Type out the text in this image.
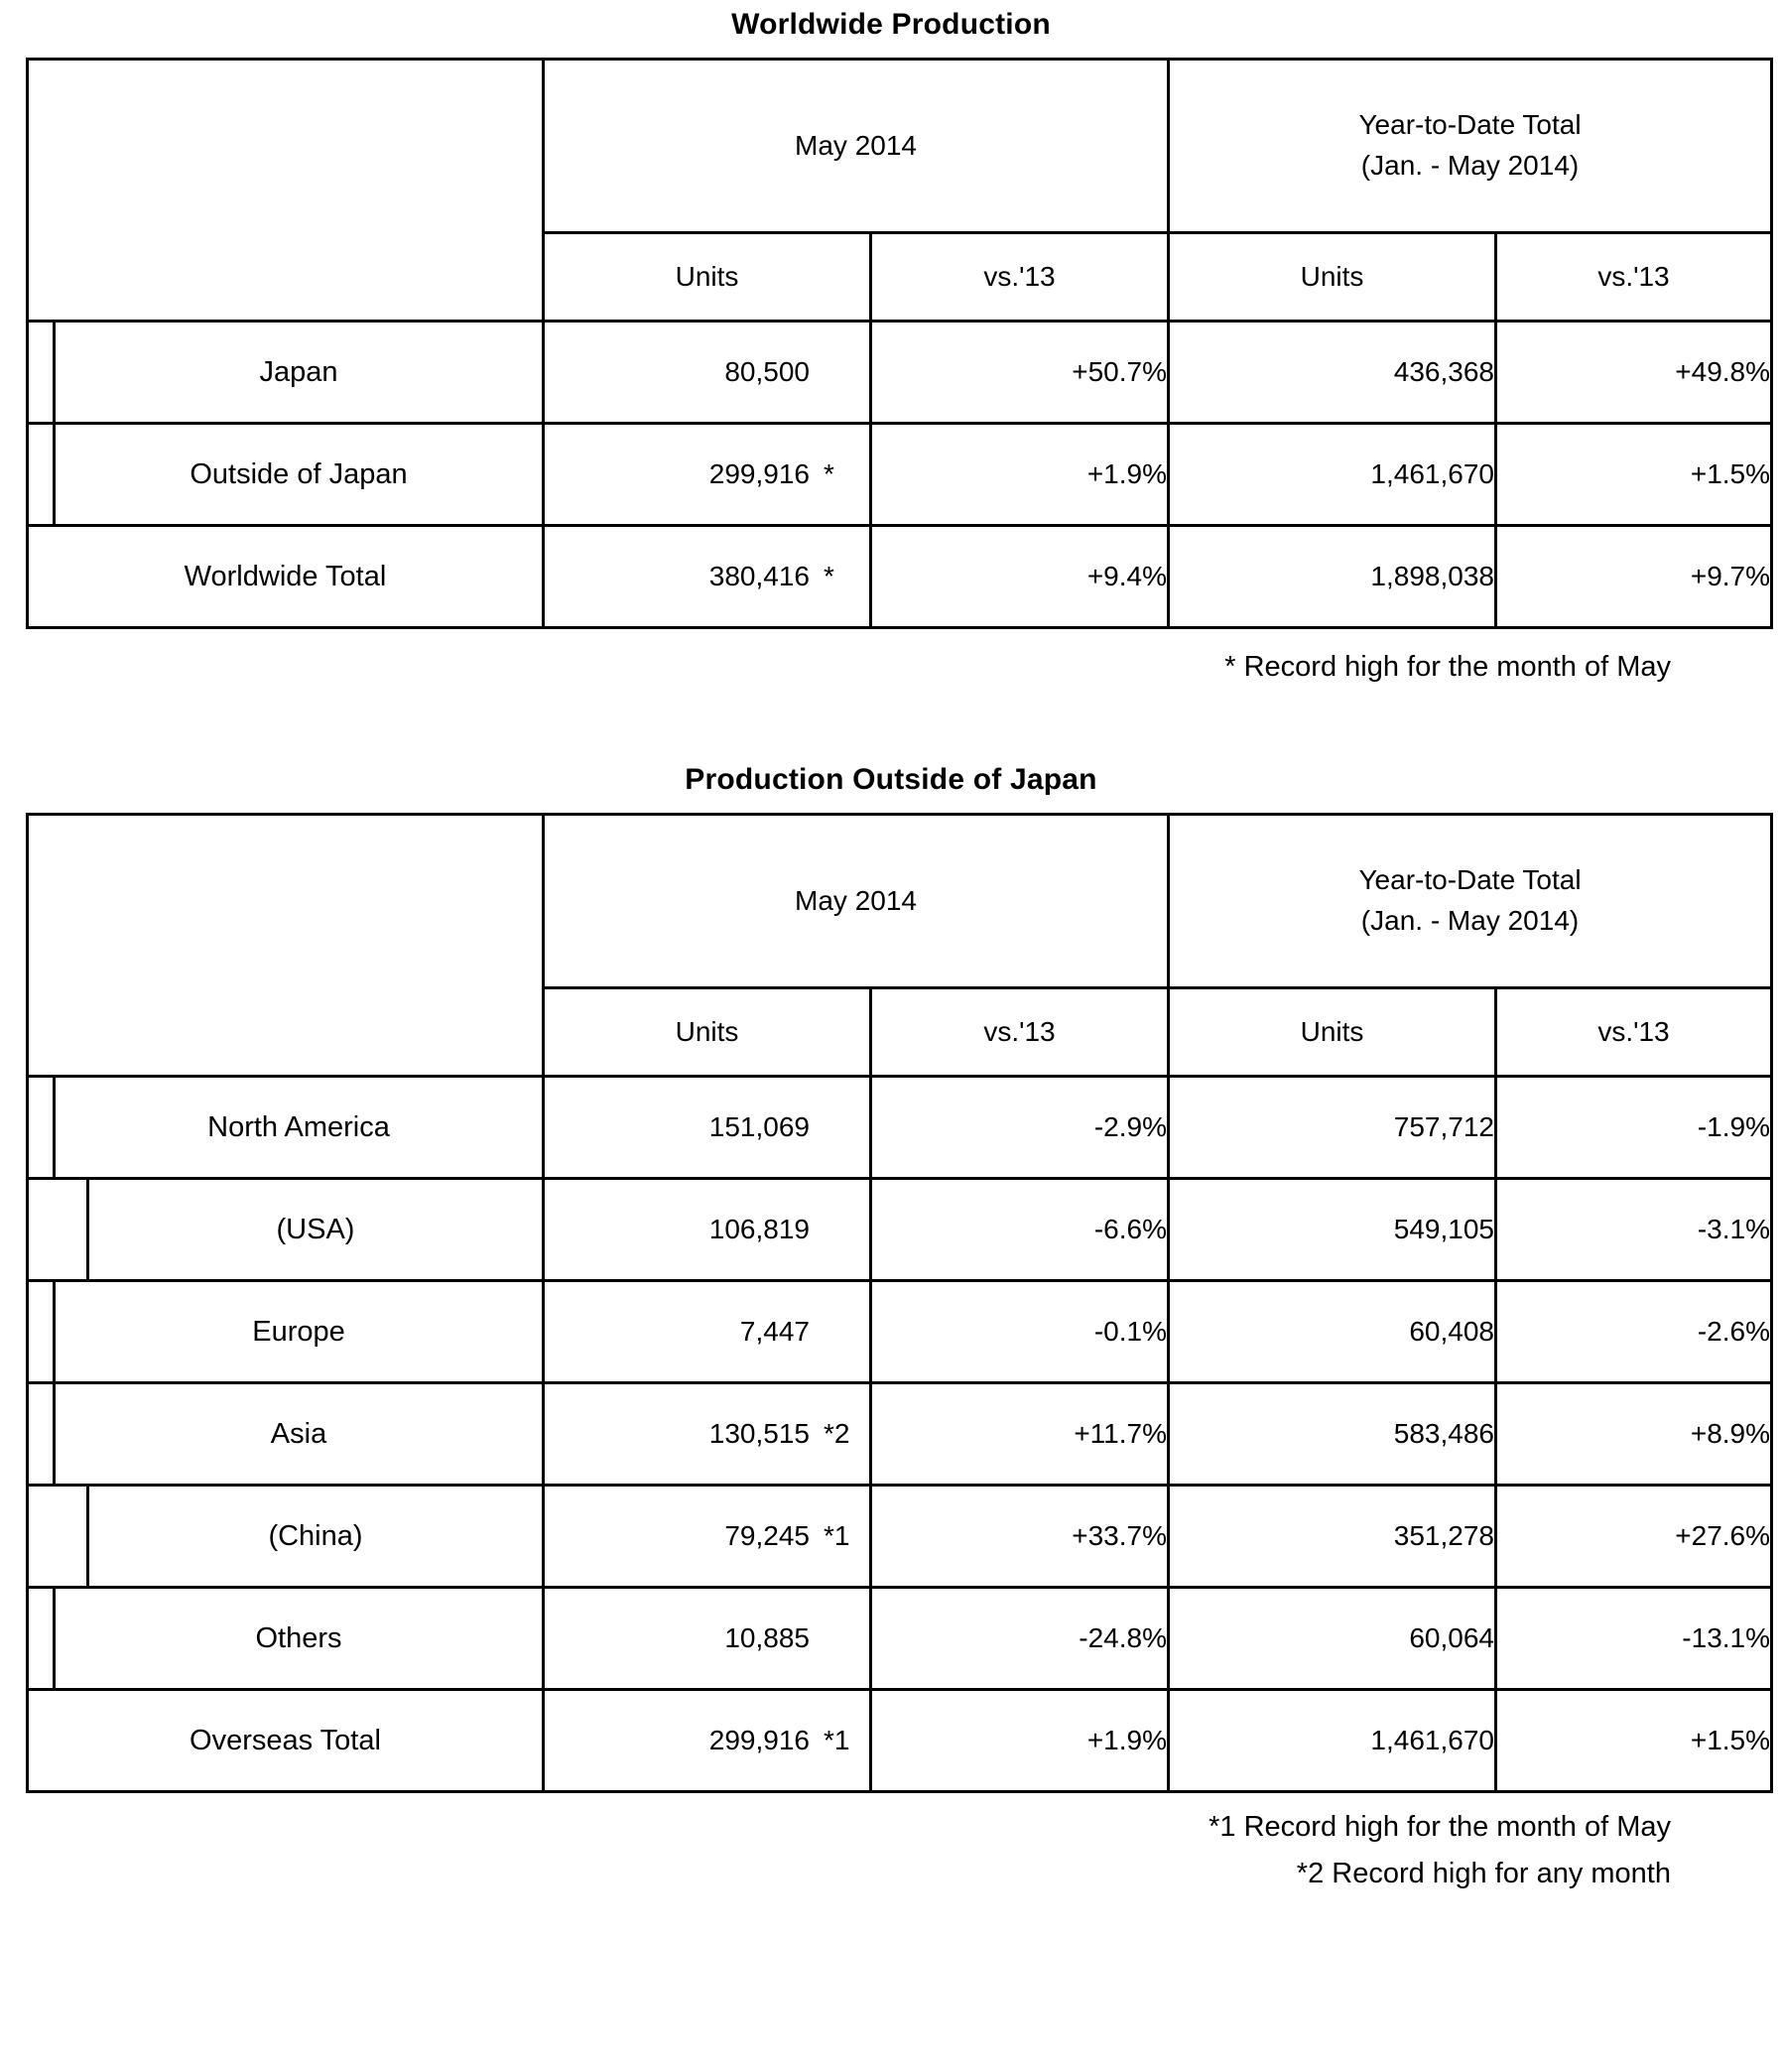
Worldwide Production
	May 2014		Year-to-Date Total
(Jan. - May 2014)	

	Units	vs.'13	Units	vs.'13

Japan	80,500	+50.7%	436,368	+49.8%

Outside of Japan	299,916 *	+1.9%	1,461,670	+1.5%

Worldwide Total	380,416 *	+9.4%	1,898,038	+9.7%
* Record high for the month of May
Production Outside of Japan
	May 2014		Year-to-Date Total
(Jan. - May 2014)	

	Units	vs.'13	Units	vs.'13

North America	151,069	-2.9%	757,712	-1.9%

(USA)	106,819	-6.6%	549,105	-3.1%

Europe	7,447	-0.1%	60,408	-2.6%

Asia	130,515 *2	+11.7%	583,486	+8.9%

(China)	79,245 *1	+33.7%	351,278	+27.6%

Others	10,885	-24.8%	60,064	-13.1%

Overseas Total	299,916 *1	+1.9%	1,461,670	+1.5%
*1 Record high for the month of May
*2 Record high for any month
